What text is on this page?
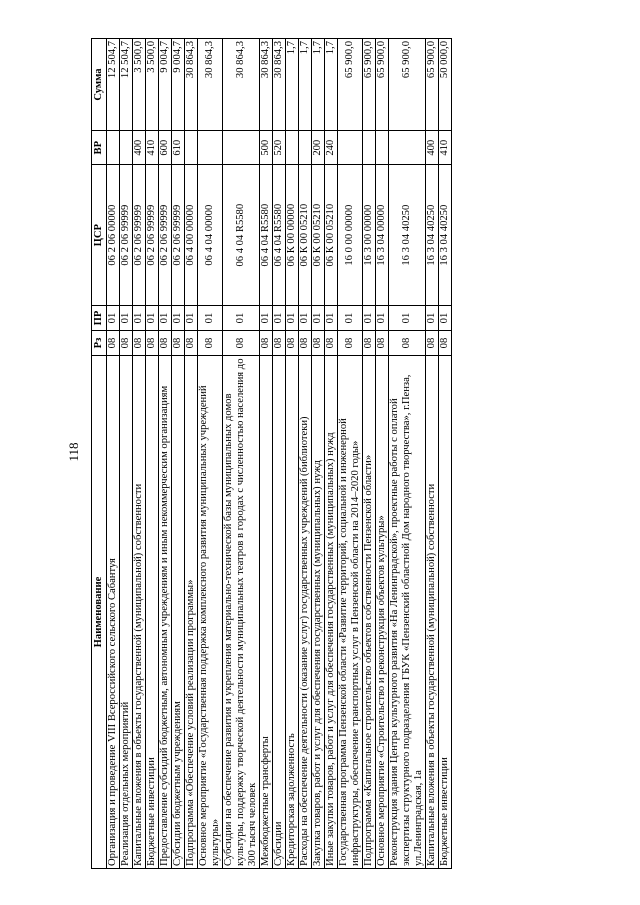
118
Наименование	Рз	ПР	ЦСР	ВР	Сумма
Организация и проведение VIII Всероссийского сельского Сабантуя	08	01	06 2 06 00000		12 504,7
Реализация отдельных мероприятий	08	01	06 2 06 99999		12 504,7
Капитальные вложения в объекты государственной (муниципальной) собственности	08	01	06 2 06 99999	400	3 500,0
Бюджетные инвестиции	08	01	06 2 06 99999	410	3 500,0
Предоставление субсидий бюджетным, автономным учреждениям и иным некоммерческим организациям	08	01	06 2 06 99999	600	9 004,7
Субсидии бюджетным учреждениям	08	01	06 2 06 99999	610	9 004,7
Подпрограмма «Обеспечение условий реализации программы»	08	01	06 4 00 00000		30 864,3
Основное мероприятие «Государственная поддержка комплексного развития муниципальных учреждений культуры»	08	01	06 4 04 00000		30 864,3
Субсидии на обеспечение развития и укрепления материально-технической базы муниципальных домов культуры, поддержку творческой деятельности муниципальных театров в городах с численностью населения до 300 тысяч человек	08	01	06 4 04 R5580		30 864,3
Межбюджетные трансферты	08	01	06 4 04 R5580	500	30 864,3
Субсидии	08	01	06 4 04 R5580	520	30 864,3
Кредиторская задолженность	08	01	06 К 00 00000		1,7
Расходы на обеспечение деятельности (оказание услуг) государственных учреждений (библиотеки)	08	01	06 К 00 05210		1,7
Закупка товаров, работ и услуг для обеспечения государственных (муниципальных) нужд	08	01	06 К 00 05210	200	1,7
Иные закупки товаров, работ и услуг для обеспечения государственных (муниципальных) нужд	08	01	06 К 00 05210	240	1,7
Государственная программа Пензенской области «Развитие территорий, социальной и инженерной инфраструктуры, обеспечение транспортных услуг в Пензенской области на 2014–2020 годы»	08	01	16 0 00 00000		65 900,0
Подпрограмма «Капитальное строительство объектов собственности Пензенской области»	08	01	16 3 00 00000		65 900,0
Основное мероприятие «Строительство и реконструкция объектов культуры»	08	01	16 3 04 00000		65 900,0
Реконструкция здания Центра культурного развития «На Ленинградской», проектные работы с оплатой экспертизы структурного подразделения ГБУК «Пензенский областной Дом народного творчества», г.Пенза, ул.Ленинградская, 1а	08	01	16 3 04 40250		65 900,0
Капитальные вложения в объекты государственной (муниципальной) собственности	08	01	16 3 04 40250	400	65 900,0
Бюджетные инвестиции	08	01	16 3 04 40250	410	50 000,0
